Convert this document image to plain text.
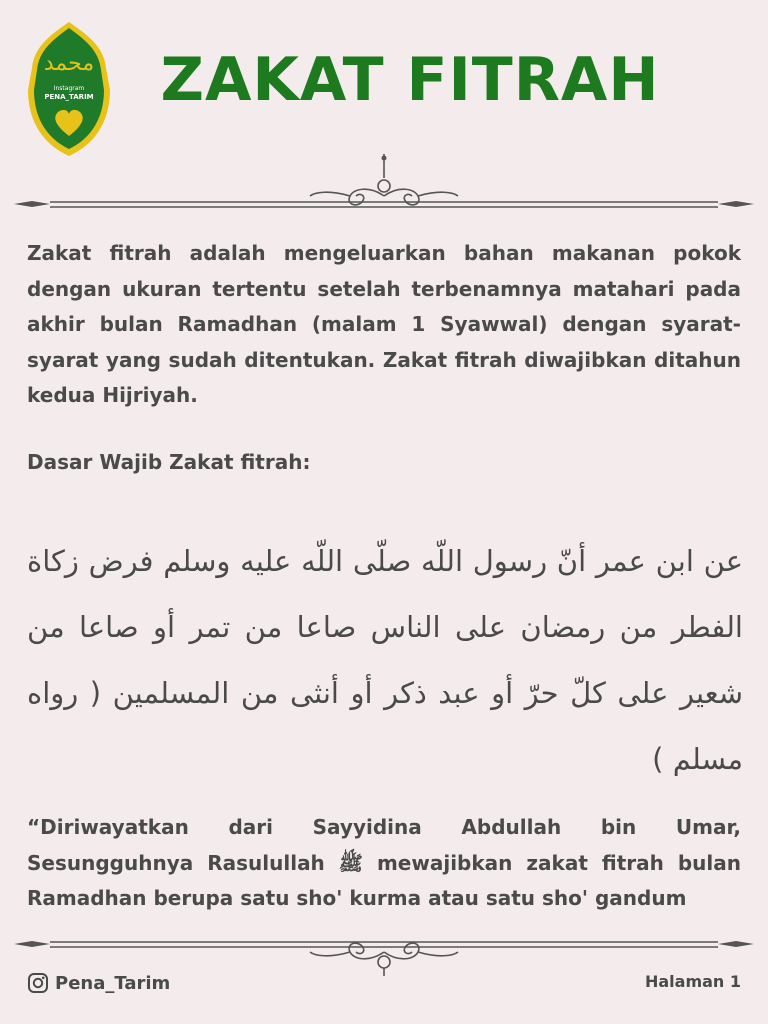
محمد
Instagram
PENA_TARIM ZAKAT FITRAH
Zakat fitrah adalah mengeluarkan bahan makanan pokok dengan ukuran tertentu setelah terbenamnya matahari pada akhir bulan Ramadhan (malam 1 Syawwal) dengan syarat-syarat yang sudah ditentukan. Zakat fitrah diwajibkan ditahun kedua Hijriyah.
Dasar Wajib Zakat fitrah:
عن ابن عمر أنّ رسول اللّه صلّى اللّه عليه وسلم فرض زكاة الفطر من رمضان على الناس صاعا من تمر أو صاعا من شعير على كلّ حرّ أو عبد ذكر أو أنثى من المسلمين ( رواه مسلم )
“Diriwayatkan dari Sayyidina Abdullah bin Umar, Sesungguhnya Rasulullah ﷺ mewajibkan zakat fitrah bulan Ramadhan berupa satu sho' kurma atau satu sho' gandum
Pena_Tarim	Halaman 1
